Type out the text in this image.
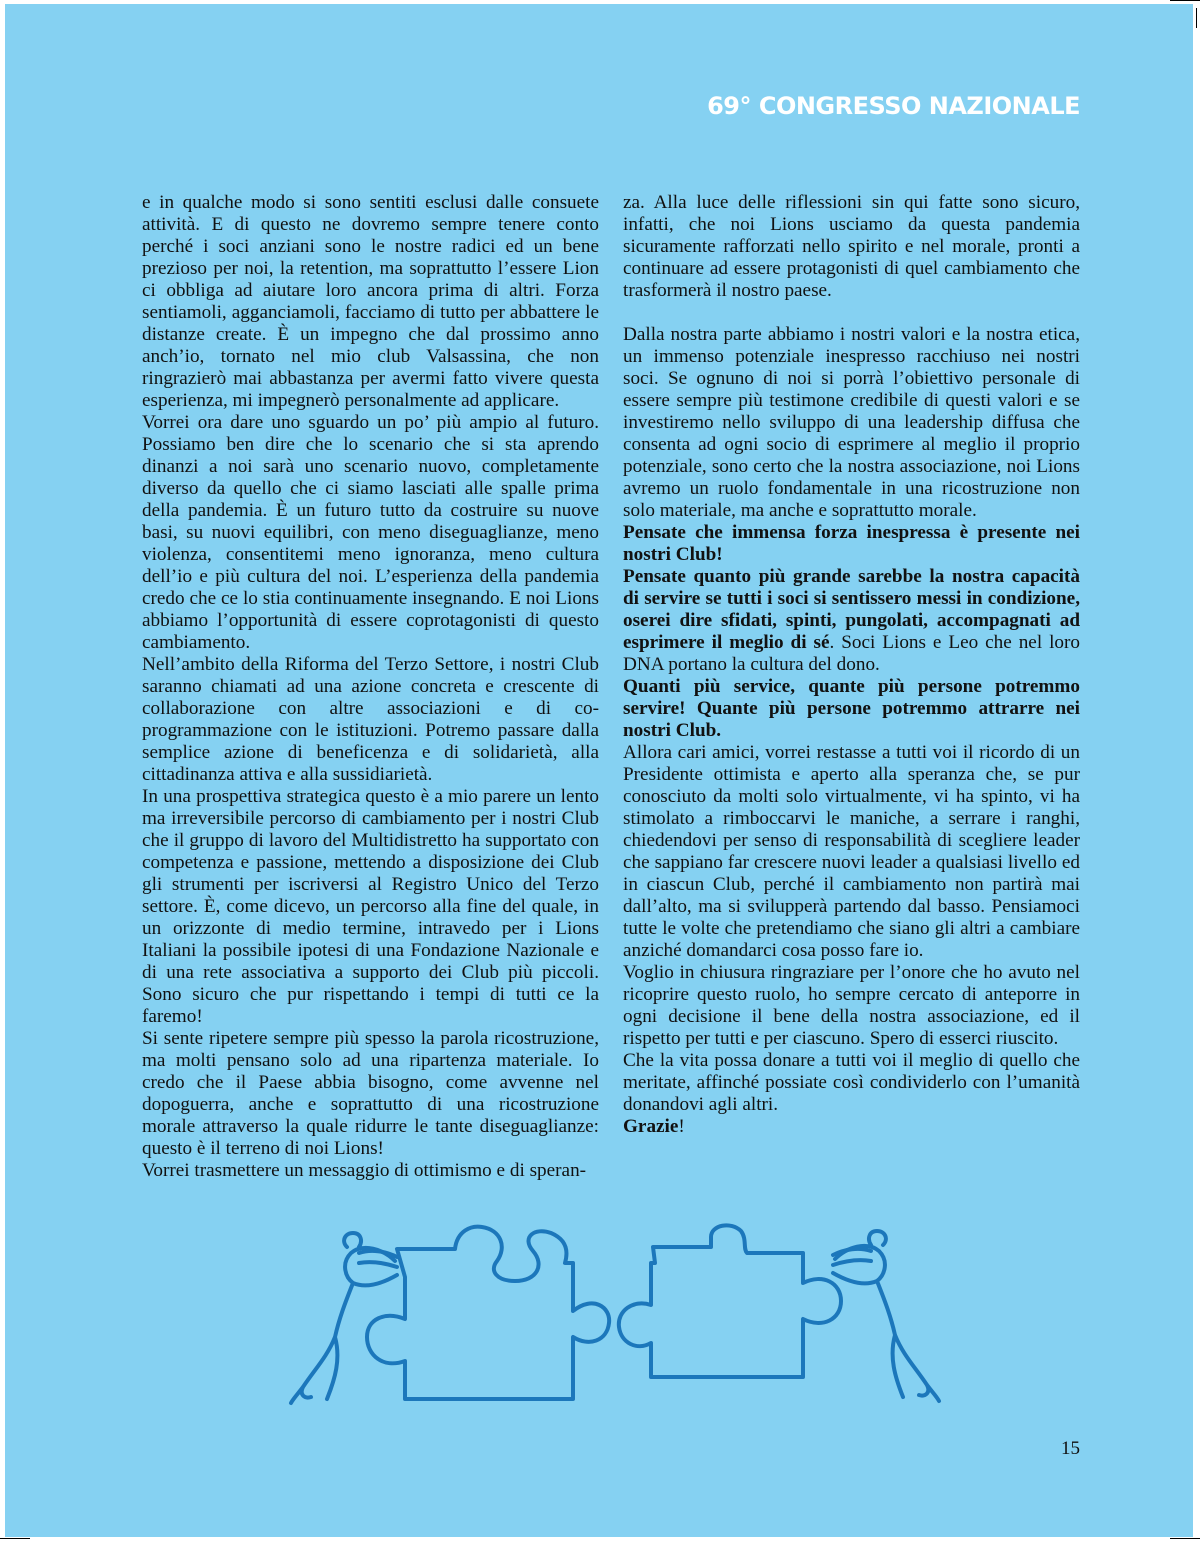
69° CONGRESSO NAZIONALE

e in qualche modo si sono sentiti esclusi dalle consuete attività. E di questo ne dovremo sempre tenere conto perché i soci anziani sono le nostre radici ed un bene prezioso per noi, la retention, ma soprattutto l’essere Lion ci obbliga ad aiutare loro ancora prima di altri. Forza sentiamoli, agganciamoli, facciamo di tutto per abbattere le distanze create. È un impegno che dal prossimo anno anch’io, tornato nel mio club Valsassina, che non ringrazierò mai abbastanza per avermi fatto vivere questa esperienza, mi impegnerò personalmente ad applicare.

Vorrei ora dare uno sguardo un po’ più ampio al futuro. Possiamo ben dire che lo scenario che si sta aprendo dinanzi a noi sarà uno scenario nuovo, completamente diverso da quello che ci siamo lasciati alle spalle prima della pandemia. È un futuro tutto da costruire su nuove basi, su nuovi equilibri, con meno diseguaglianze, meno violenza, consentitemi meno ignoranza, meno cultura dell’io e più cultura del noi. L’esperienza della pandemia credo che ce lo stia continuamente insegnando. E noi Lions abbiamo l’opportunità di essere coprotagonisti di questo cambiamento.

Nell’ambito della Riforma del Terzo Settore, i nostri Club saranno chiamati ad una azione concreta e crescente di collaborazione con altre associazioni e di co-programmazione con le istituzioni. Potremo passare dalla semplice azione di beneficenza e di solidarietà, alla cittadinanza attiva e alla sussidiarietà.

In una prospettiva strategica questo è a mio parere un lento ma irreversibile percorso di cambiamento per i nostri Club che il gruppo di lavoro del Multidistretto ha supportato con competenza e passione, mettendo a disposizione dei Club gli strumenti per iscriversi al Registro Unico del Terzo settore. È, come dicevo, un percorso alla fine del quale, in un orizzonte di medio termine, intravedo per i Lions Italiani la possibile ipotesi di una Fondazione Nazionale e di una rete associativa a supporto dei Club più piccoli. Sono sicuro che pur rispettando i tempi di tutti ce la faremo!

Si sente ripetere sempre più spesso la parola ricostruzione, ma molti pensano solo ad una ripartenza materiale. Io credo che il Paese abbia bisogno, come avvenne nel dopoguerra, anche e soprattutto di una ricostruzione morale attraverso la quale ridurre le tante diseguaglianze: questo è il terreno di noi Lions!

Vorrei trasmettere un messaggio di ottimismo e di speran-

za. Alla luce delle riflessioni sin qui fatte sono sicuro, infatti, che noi Lions usciamo da questa pandemia sicuramente rafforzati nello spirito e nel morale, pronti a continuare ad essere protagonisti di quel cambiamento che trasformerà il nostro paese.

Dalla nostra parte abbiamo i nostri valori e la nostra etica, un immenso potenziale inespresso racchiuso nei nostri soci. Se ognuno di noi si porrà l’obiettivo personale di essere sempre più testimone credibile di questi valori e se investiremo nello sviluppo di una leadership diffusa che consenta ad ogni socio di esprimere al meglio il proprio potenziale, sono certo che la nostra associazione, noi Lions avremo un ruolo fondamentale in una ricostruzione non solo materiale, ma anche e soprattutto morale.

Pensate che immensa forza inespressa è presente nei nostri Club!

Pensate quanto più grande sarebbe la nostra capacità di servire se tutti i soci si sentissero messi in condizione, oserei dire sfidati, spinti, pungolati, accompagnati ad esprimere il meglio di sé. Soci Lions e Leo che nel loro DNA portano la cultura del dono.

Quanti più service, quante più persone potremmo servire! Quante più persone potremmo attrarre nei nostri Club.

Allora cari amici, vorrei restasse a tutti voi il ricordo di un Presidente ottimista e aperto alla speranza che, se pur conosciuto da molti solo virtualmente, vi ha spinto, vi ha stimolato a rimboccarvi le maniche, a serrare i ranghi, chiedendovi per senso di responsabilità di scegliere leader che sappiano far crescere nuovi leader a qualsiasi livello ed in ciascun Club, perché il cambiamento non partirà mai dall’alto, ma si svilupperà partendo dal basso. Pensiamoci tutte le volte che pretendiamo che siano gli altri a cambiare anziché domandarci cosa posso fare io.

Voglio in chiusura ringraziare per l’onore che ho avuto nel ricoprire questo ruolo, ho sempre cercato di anteporre in ogni decisione il bene della nostra associazione, ed il rispetto per tutti e per ciascuno. Spero di esserci riuscito.

Che la vita possa donare a tutti voi il meglio di quello che meritate, affinché possiate così condividerlo con l’umanità donandovi agli altri.

Grazie!

15
